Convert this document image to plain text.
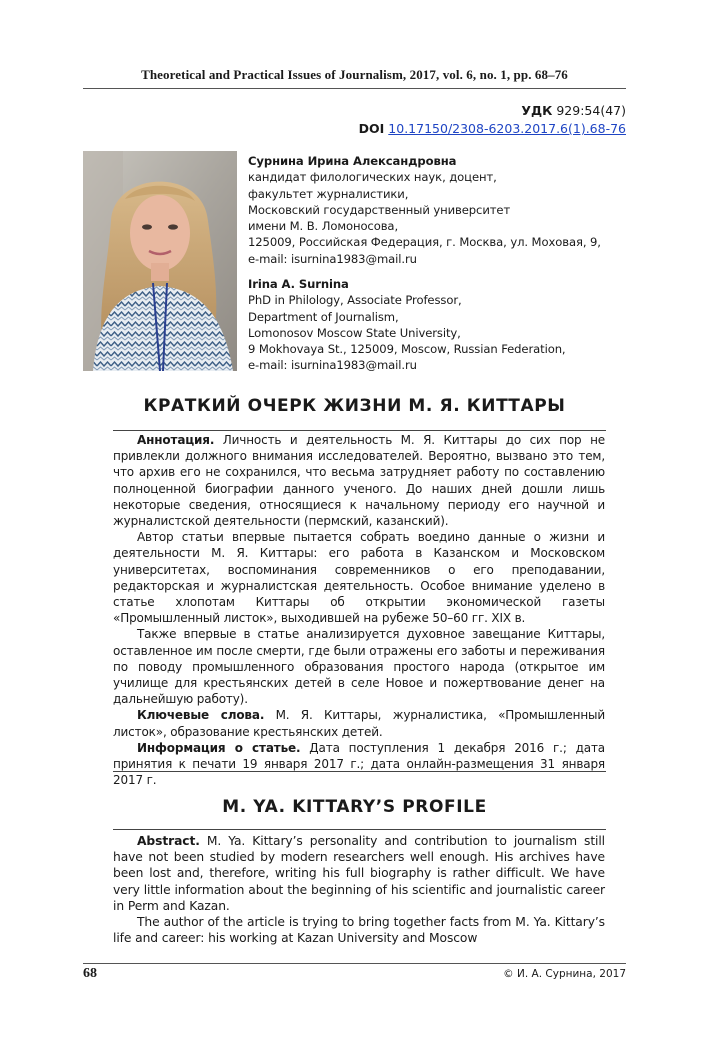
Theoretical and Practical Issues of Journalism, 2017, vol. 6, no. 1, pp. 68–76
УДК 929:54(47)
DOI 10.17150/2308-6203.2017.6(1).68-76
Сурнина Ирина Александровна
кандидат филологических наук, доцент,
факультет журналистики,
Московский государственный университет
имени М. В. Ломоносова,
125009, Российская Федерация, г. Москва, ул. Моховая, 9,
e-mail: isurnina1983@mail.ru
Irina A. Surnina
PhD in Philology, Associate Professor,
Department of Journalism,
Lomonosov Moscow State University,
9 Mokhovaya St., 125009, Moscow, Russian Federation,
e-mail: isurnina1983@mail.ru
КРАТКИЙ ОЧЕРК ЖИЗНИ М. Я. КИТТАРЫ

Аннотация. Личность и деятельность М. Я. Киттары до сих пор не привлекли должного внимания исследователей. Вероятно, вызвано это тем, что архив его не сохранился, что весьма затрудняет работу по составлению полноценной биографии данного ученого. До наших дней дошли лишь некоторые сведения, относящиеся к начальному периоду его научной и журналистской деятельности (пермский, казанский).

Автор статьи впервые пытается собрать воедино данные о жизни и деятельности М. Я. Киттары: его работа в Казанском и Московском университетах, воспоминания современников о его преподавании, редакторская и журналистская деятельность. Особое внимание уделено в статье хлопотам Киттары об открытии экономической газеты «Промышленный листок», выходившей на рубеже 50–60 гг. XIX в.

Также впервые в статье анализируется духовное завещание Киттары, оставленное им после смерти, где были отражены его заботы и переживания по поводу промышленного образования простого народа (открытое им училище для крестьянских детей в селе Новое и пожертвование денег на дальнейшую работу).

Ключевые слова. М. Я. Киттары, журналистика, «Промышленный листок», образование крестьянских детей.

Информация о статье. Дата поступления 1 декабря 2016 г.; дата принятия к печати 19 января 2017 г.; дата онлайн-размещения 31 января 2017 г.

M. YA. KITTARY’S PROFILE

Abstract. M. Ya. Kittary’s personality and contribution to journalism still have not been studied by modern researchers well enough. His archives have been lost and, therefore, writing his full biography is rather difficult. We have very little information about the beginning of his scientific and journalistic career in Perm and Kazan.

The author of the article is trying to bring together facts from M. Ya. Kittary’s life and career: his working at Kazan University and Moscow

68	© И. А. Сурнина, 2017
